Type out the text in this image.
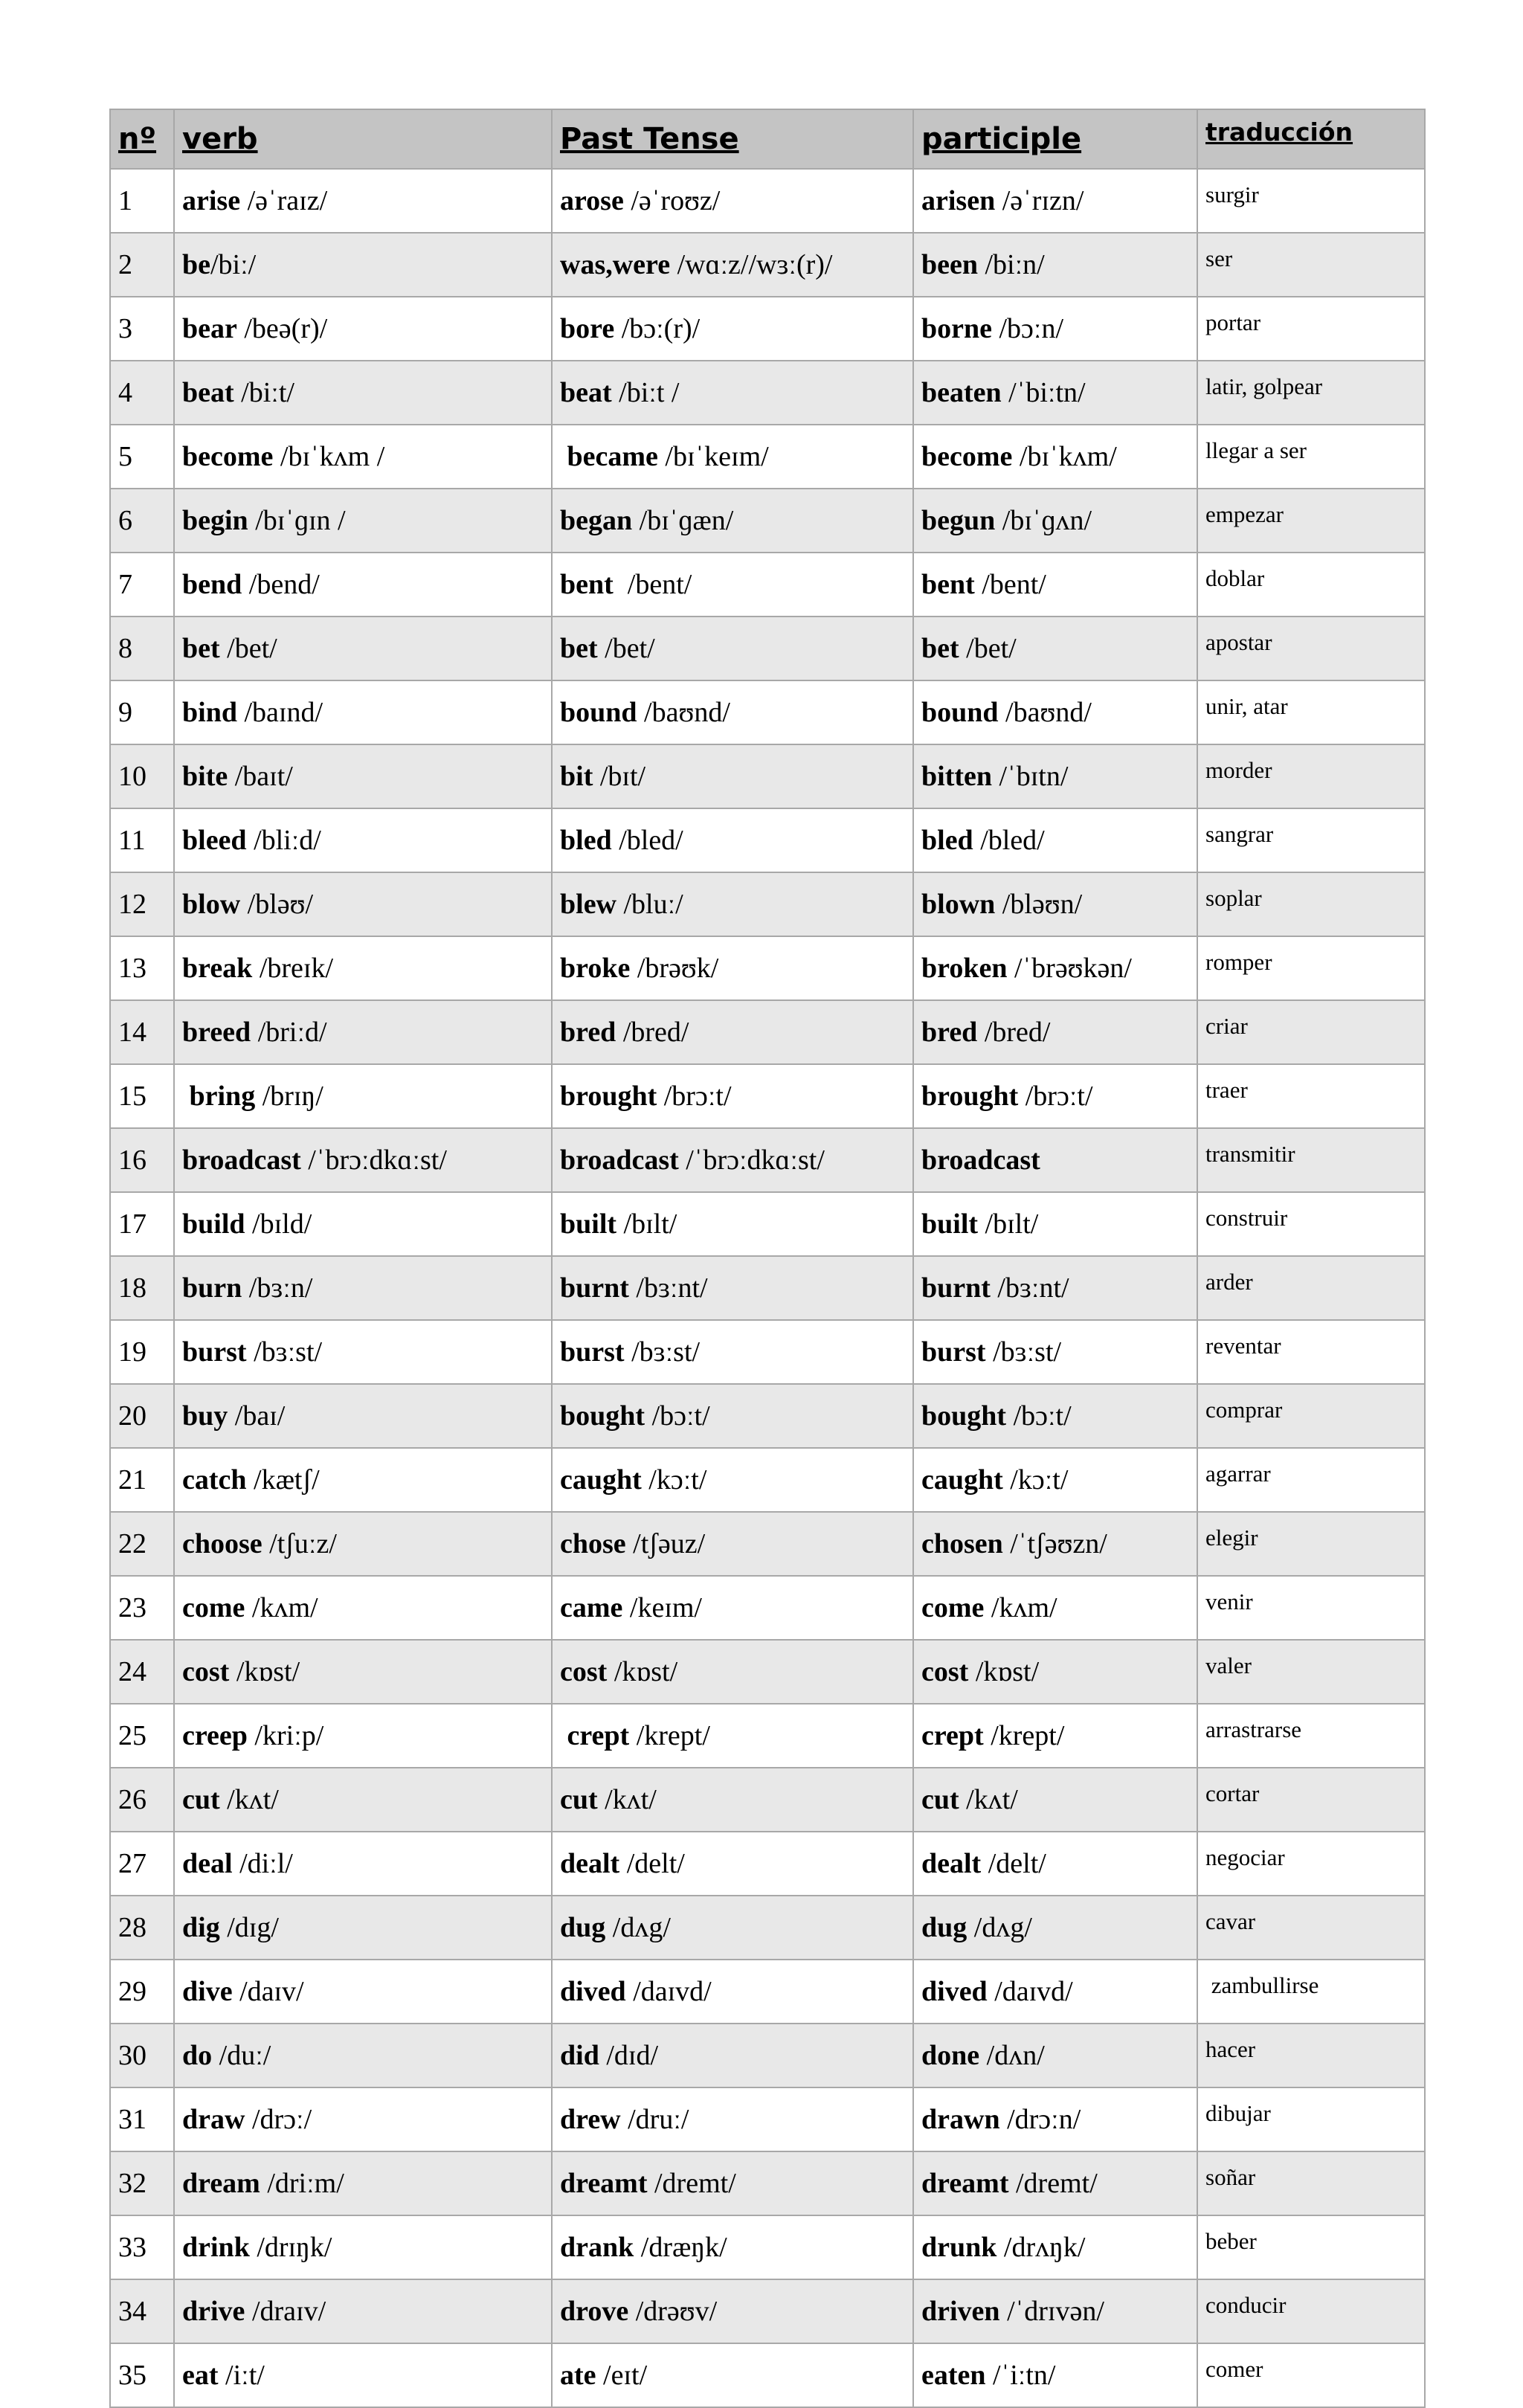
nº	verb	Past Tense	participle	traducción
1	arise /əˈraɪz/	arose /əˈroʊz/	arisen /əˈrɪzn/	surgir
2	be/biː/	was,were /wɑːz//wɜː(r)/	been /biːn/	ser
3	bear /beə(r)/	bore /bɔː(r)/	borne /bɔːn/	portar
4	beat /biːt/	beat /biːt /	beaten /ˈbiːtn/	latir, golpear
5	become /bɪˈkʌm /	became /bɪˈkeɪm/	become /bɪˈkʌm/	llegar a ser
6	begin /bɪˈɡɪn /	began /bɪˈɡæn/	begun /bɪˈɡʌn/	empezar
7	bend /bend/	bent  /bent/	bent /bent/	doblar
8	bet /bet/	bet /bet/	bet /bet/	apostar
9	bind /baɪnd/	bound /baʊnd/	bound /baʊnd/	unir, atar
10	bite /baɪt/	bit /bɪt/	bitten /ˈbɪtn/	morder
11	bleed /bliːd/	bled /bled/	bled /bled/	sangrar
12	blow /bləʊ/	blew /bluː/	blown /bləʊn/	soplar
13	break /breɪk/	broke /brəʊk/	broken /ˈbrəʊkən/	romper
14	breed /briːd/	bred /bred/	bred /bred/	criar
15	bring /brɪŋ/	brought /brɔːt/	brought /brɔːt/	traer
16	broadcast /ˈbrɔːdkɑːst/	broadcast /ˈbrɔːdkɑːst/	broadcast	transmitir
17	build /bɪld/	built /bɪlt/	built /bɪlt/	construir
18	burn /bɜːn/	burnt /bɜːnt/	burnt /bɜːnt/	arder
19	burst /bɜːst/	burst /bɜːst/	burst /bɜːst/	reventar
20	buy /baɪ/	bought /bɔːt/	bought /bɔːt/	comprar
21	catch /kætʃ/	caught /kɔːt/	caught /kɔːt/	agarrar
22	choose /tʃuːz/	chose /tʃəuz/	chosen /ˈtʃəʊzn/	elegir
23	come /kʌm/	came /keɪm/	come /kʌm/	venir
24	cost /kɒst/	cost /kɒst/	cost /kɒst/	valer
25	creep /kriːp/	crept /krept/	crept /krept/	arrastrarse
26	cut /kʌt/	cut /kʌt/	cut /kʌt/	cortar
27	deal /diːl/	dealt /delt/	dealt /delt/	negociar
28	dig /dɪg/	dug /dʌg/	dug /dʌg/	cavar
29	dive /daɪv/	dived /daɪvd/	dived /daɪvd/	zambullirse
30	do /duː/	did /dɪd/	done /dʌn/	hacer
31	draw /drɔː/	drew /druː/	drawn /drɔːn/	dibujar
32	dream /driːm/	dreamt /dremt/	dreamt /dremt/	soñar
33	drink /drɪŋk/	drank /dræŋk/	drunk /drʌŋk/	beber
34	drive /draɪv/	drove /drəʊv/	driven /ˈdrɪvən/	conducir
35	eat /iːt/	ate /eɪt/	eaten /ˈiːtn/	comer
